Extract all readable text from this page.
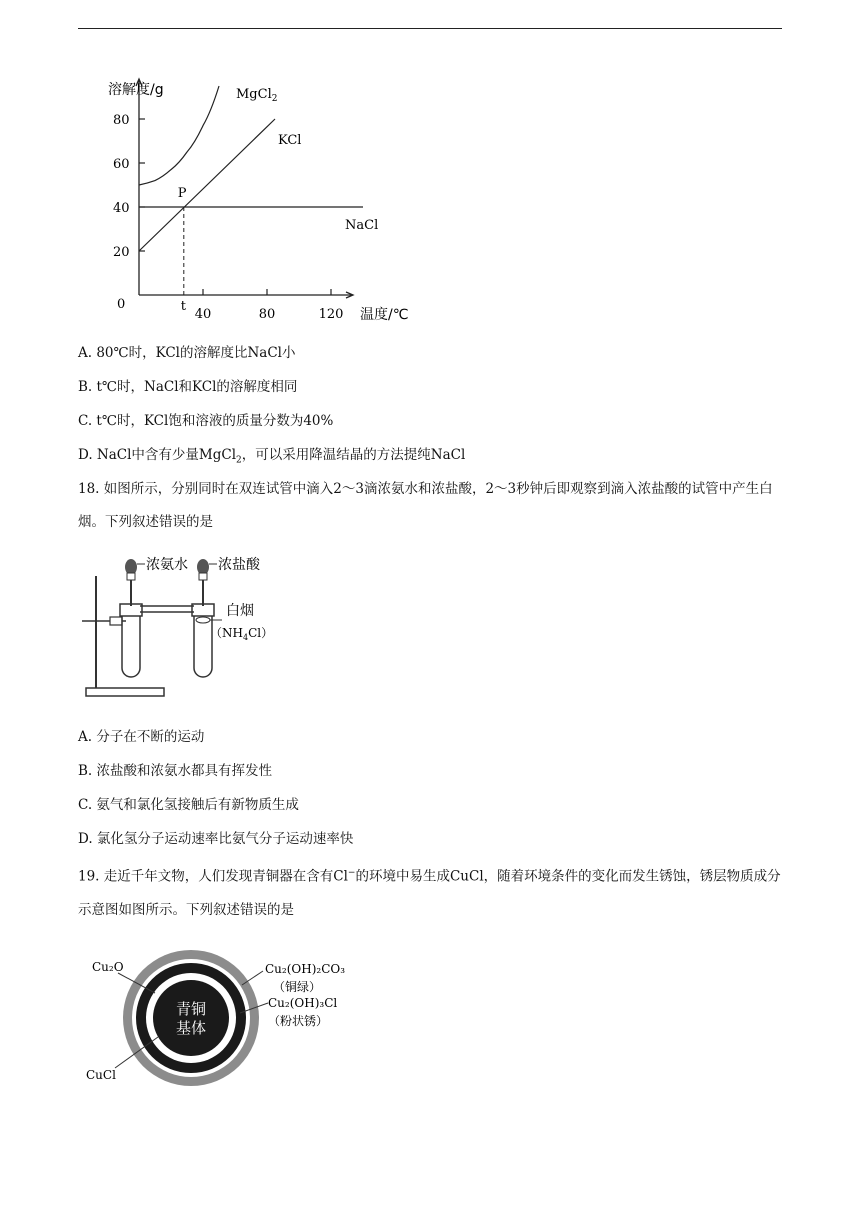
溶解度/g
温度/℃
0
20
40
60
80
40	80	120
MgCl$_2$
KCl
NaCl
P
t
A. 80℃时，KCl的溶解度比NaCl小
B. t℃时，NaCl和KCl的溶解度相同
C. t℃时，KCl饱和溶液的质量分数为40%
D. NaCl中含有少量MgCl$_2$，可以采用降温结晶的方法提纯NaCl
18. 如图所示，分别同时在双连试管中滴入2～3滴浓氨水和浓盐酸，2～3秒钟后即观察到滴入浓盐酸的试管中产生白烟。下列叙述错误的是
浓氨水 浓盐酸
白烟
$(NH_4Cl)$
A. 分子在不断的运动
B. 浓盐酸和浓氨水都具有挥发性
C. 氨气和氯化氢接触后有新物质生成
D. 氯化氢分子运动速率比氨气分子运动速率快
19. 走近千年文物，人们发现青铜器在含有Cl−的环境中易生成CuCl，随着环境条件的变化而发生锈蚀，锈层物质成分示意图如图所示。下列叙述错误的是
青铜
基体
Cu₂O
CuCl
Cu₂(OH)₂CO₃
（铜绿）
Cu₂(OH)₃Cl
（粉状锈）
